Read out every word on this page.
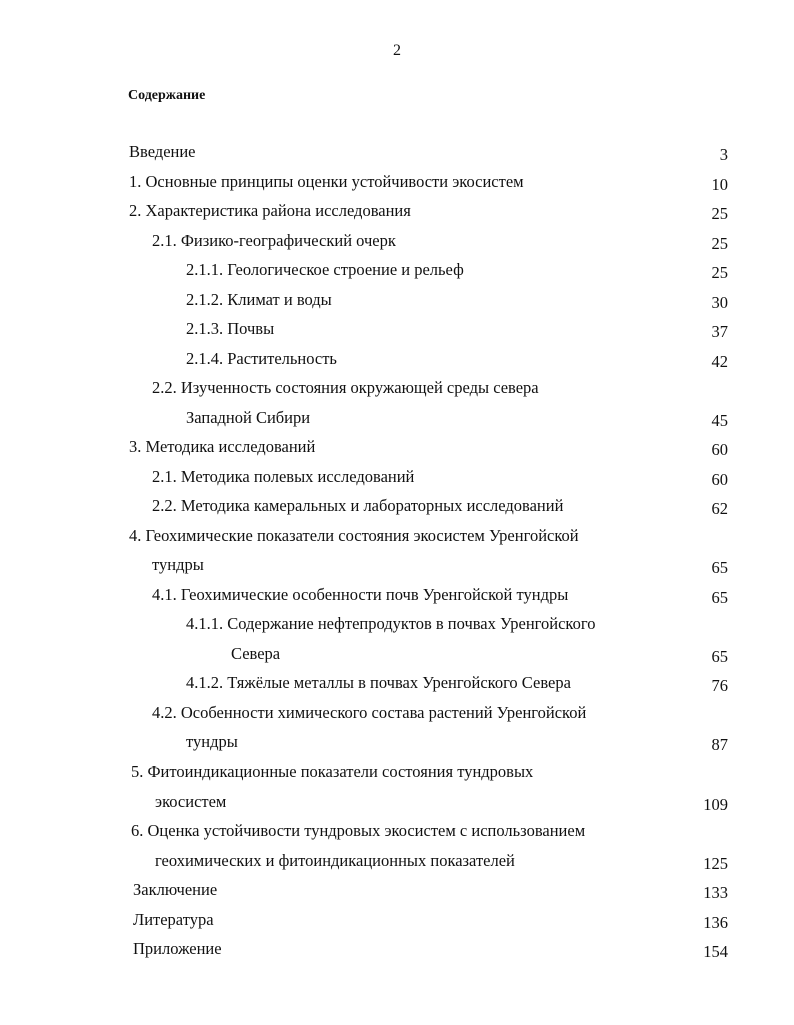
2
Содержание
Введение	3
1. Основные принципы оценки устойчивости экосистем	10
2. Характеристика района исследования	25
2.1. Физико-географический очерк	25
2.1.1. Геологическое строение и рельеф	25
2.1.2. Климат и воды	30
2.1.3. Почвы	37
2.1.4. Растительность	42
2.2. Изученность состояния окружающей среды севера
Западной Сибири	45
3. Методика исследований	60
2.1. Методика полевых исследований	60
2.2. Методика камеральных и лабораторных исследований	62
4. Геохимические показатели состояния экосистем Уренгойской
тундры	65
4.1. Геохимические особенности почв Уренгойской тундры	65
4.1.1. Содержание нефтепродуктов в почвах Уренгойского
Севера	65
4.1.2. Тяжёлые металлы в почвах Уренгойского Севера	76
4.2. Особенности химического состава растений Уренгойской
тундры	87
5. Фитоиндикационные показатели состояния тундровых
экосистем	109
6. Оценка устойчивости тундровых экосистем с использованием
геохимических и фитоиндикационных показателей	125
Заключение	133
Литература	136
Приложение	154
